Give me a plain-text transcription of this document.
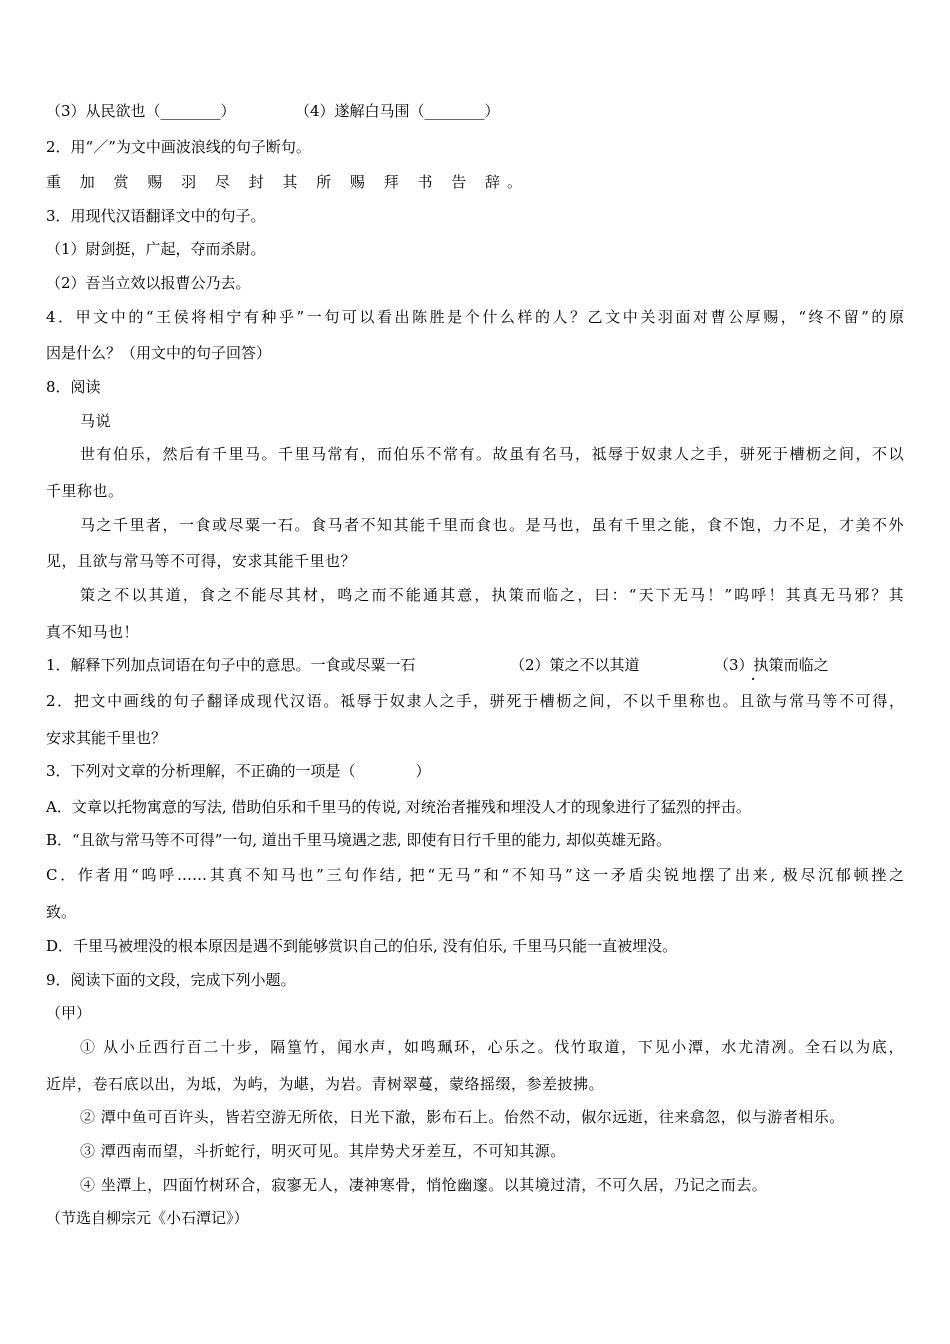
（3）从民欲也（________）	（4）遂解白马围（________）
2．用“／”为文中画波浪线的句子断句。
重 加 赏 赐 羽 尽 封 其 所 赐 拜 书 告 辞。
3．用现代汉语翻译文中的句子。
（1）尉剑挺，广起，夺而杀尉。
（2）吾当立效以报曹公乃去。
4．甲文中的“王侯将相宁有种乎”一句可以看出陈胜是个什么样的人？乙文中关羽面对曹公厚赐，“终不留”的原
因是什么？（用文中的句子回答）
8．阅读
马说
世有伯乐，然后有千里马。千里马常有，而伯乐不常有。故虽有名马，祗辱于奴隶人之手，骈死于槽枥之间，不以
千里称也。
马之千里者，一食或尽粟一石。食马者不知其能千里而食也。是马也，虽有千里之能，食不饱，力不足，才美不外
见，且欲与常马等不可得，安求其能千里也？
策之不以其道，食之不能尽其材，鸣之而不能通其意，执策而临之，曰：“天下无马！”呜呼！其真无马邪？其
真不知马也！
1．解释下列加点词语在句子中的意思。一食或尽粟一石	（2）策之不以其道	（3）执 .策而临之
2．把文中画线的句子翻译成现代汉语。祗辱于奴隶人之手，骈死于槽枥之间，不以千里称也。且欲与常马等不可得，
安求其能千里也？
3．下列对文章的分析理解，不正确的一项是（　　　　）
A．文章以托物寓意的写法, 借助伯乐和千里马的传说, 对统治者摧残和埋没人才的现象进行了猛烈的抨击。
B．“且欲与常马等不可得”一句, 道出千里马境遇之悲, 即使有日行千里的能力, 却似英雄无路。
C．作者用“呜呼……其真不知马也”三句作结, 把“无马”和“不知马”这一矛盾尖锐地摆了出来, 极尽沉郁顿挫之
致。
D．千里马被埋没的根本原因是遇不到能够赏识自己的伯乐, 没有伯乐, 千里马只能一直被埋没。
9．阅读下面的文段，完成下列小题。
（甲）
① 从小丘西行百二十步，隔篁竹，闻水声，如鸣珮环，心乐之。伐竹取道，下见小潭，水尤清冽。全石以为底，
近岸，卷石底以出，为坻，为屿，为嵁，为岩。青树翠蔓，蒙络摇缀，参差披拂。
② 潭中鱼可百许头，皆若空游无所依，日光下澈，影布石上。佁然不动，俶尔远逝，往来翕忽，似与游者相乐。
③ 潭西南而望，斗折蛇行，明灭可见。其岸势犬牙差互，不可知其源。
④ 坐潭上，四面竹树环合，寂寥无人，凄神寒骨，悄怆幽邃。以其境过清，不可久居，乃记之而去。
（节选自柳宗元《小石潭记》）
